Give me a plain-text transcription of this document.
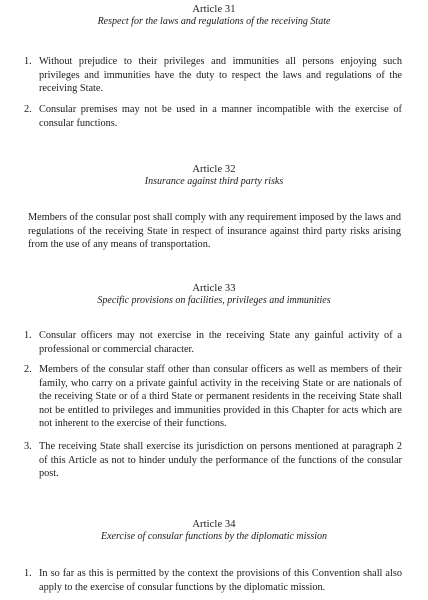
Article 31

Respect for the laws and regulations of the receiving State

1. Without prejudice to their privileges and immunities all persons enjoying such privileges and immunities have the duty to respect the laws and regulations of the receiving State.
2. Consular premises may not be used in a manner incompatible with the exercise of consular functions.

Article 32

Insurance against third party risks

Members of the consular post shall comply with any requirement imposed by the laws and regulations of the receiving State in respect of insurance against third party risks arising from the use of any means of transportation.

Article 33

Specific provisions on facilities, privileges and immunities

1. Consular officers may not exercise in the receiving State any gainful activity of a professional or commercial character.
2. Members of the consular staff other than consular officers as well as members of their family, who carry on a private gainful activity in the receiving State or are nationals of the receiving State or of a third State or permanent residents in the receiving State shall not be entitled to privileges and immunities provided in this Chapter for acts which are not inherent to the exercise of their functions.
3. The receiving State shall exercise its jurisdiction on persons mentioned at paragraph 2 of this Article as not to hinder unduly the performance of the functions of the consular post.

Article 34

Exercise of consular functions by the diplomatic mission

1. In so far as this is permitted by the context the provisions of this Convention shall also apply to the exercise of consular functions by the diplomatic mission.
